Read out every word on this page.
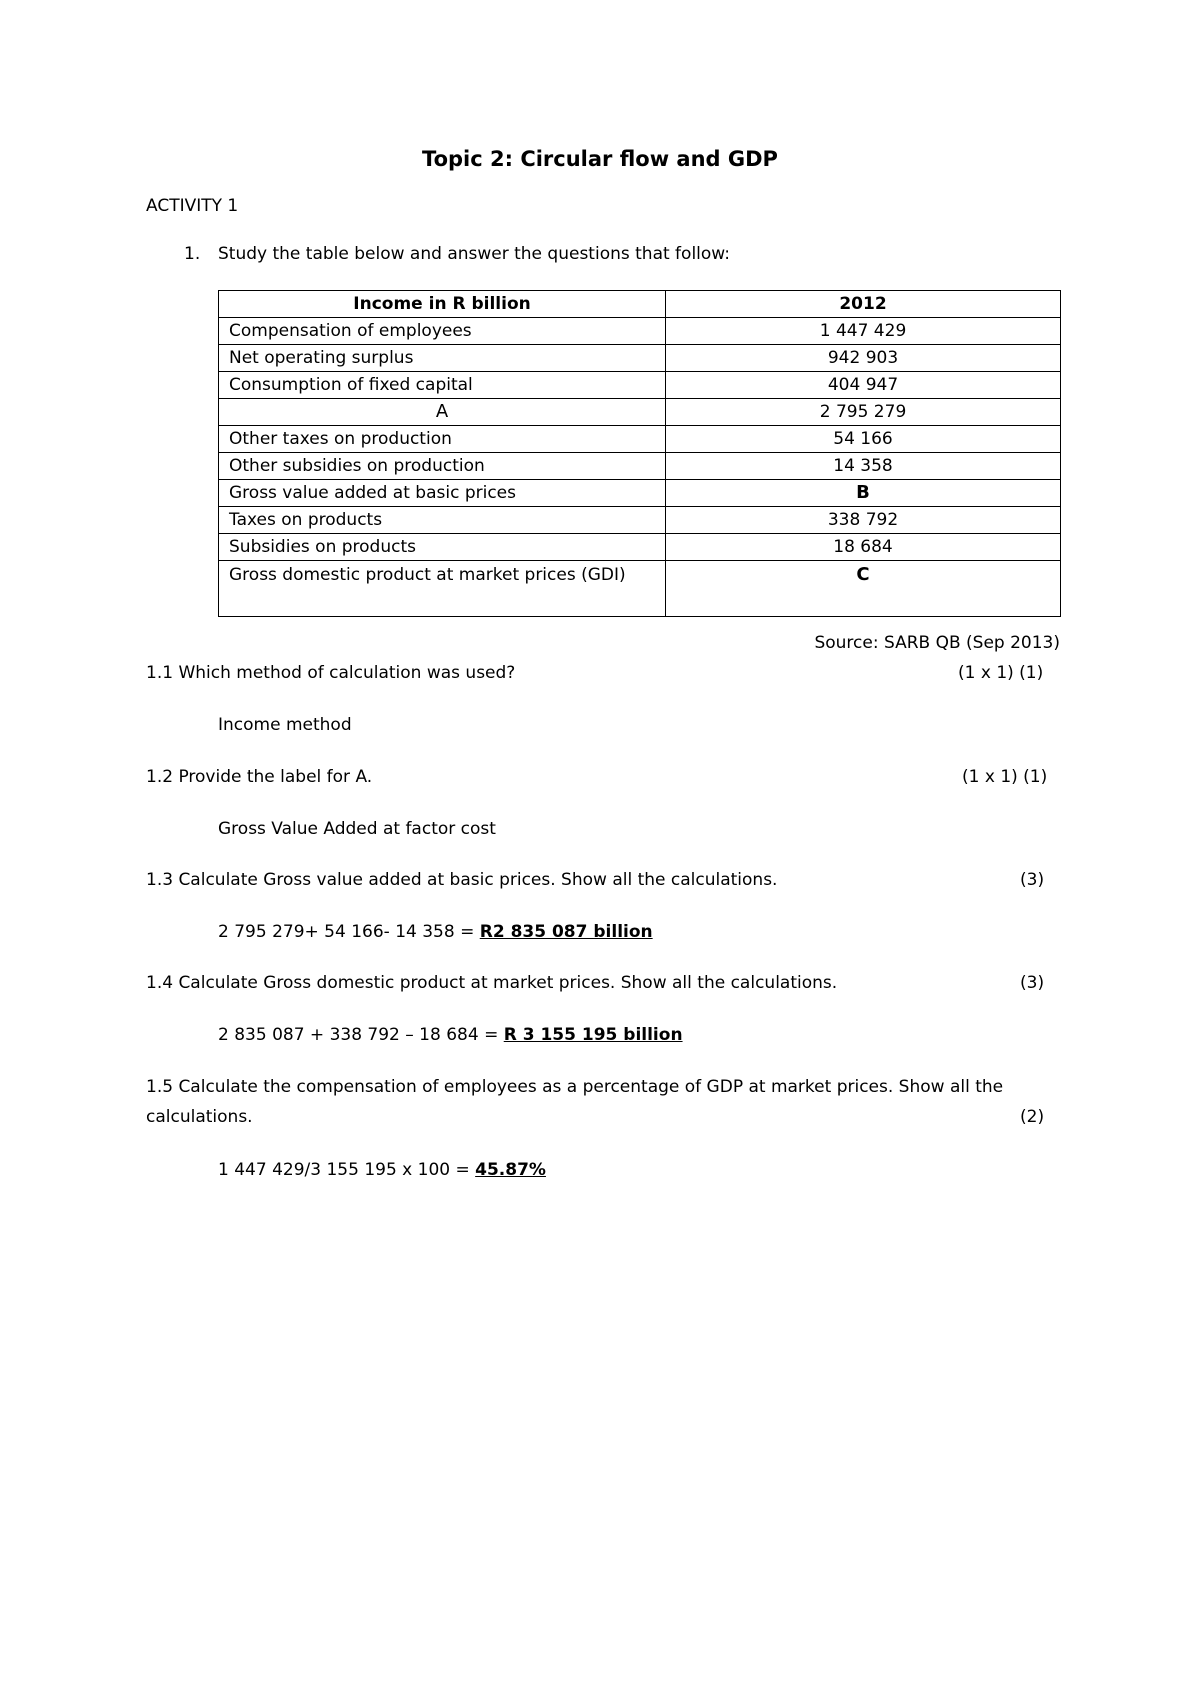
Topic 2: Circular flow and GDP
ACTIVITY 1
1. Study the table below and answer the questions that follow:
Income in R billion	2012
Compensation of employees	1 447 429
Net operating surplus	942 903
Consumption of fixed capital	404 947
A	2 795 279
Other taxes on production	54 166
Other subsidies on production	14 358
Gross value added at basic prices	B
Taxes on products	338 792
Subsidies on products	18 684
Gross domestic product at market prices (GDI)	C
Source: SARB QB (Sep 2013)
1.1 Which method of calculation was used?	(1 x 1) (1)
Income method
1.2 Provide the label for A.	(1 x 1) (1)
Gross Value Added at factor cost
1.3 Calculate Gross value added at basic prices. Show all the calculations.	(3)
2 795 279+ 54 166- 14 358 = R2 835 087 billion
1.4 Calculate Gross domestic product at market prices. Show all the calculations.	(3)
2 835 087 + 338 792 – 18 684 = R 3 155 195 billion
1.5 Calculate the compensation of employees as a percentage of GDP at market prices. Show all the
calculations.	(2)
1 447 429/3 155 195 x 100 = 45.87%
